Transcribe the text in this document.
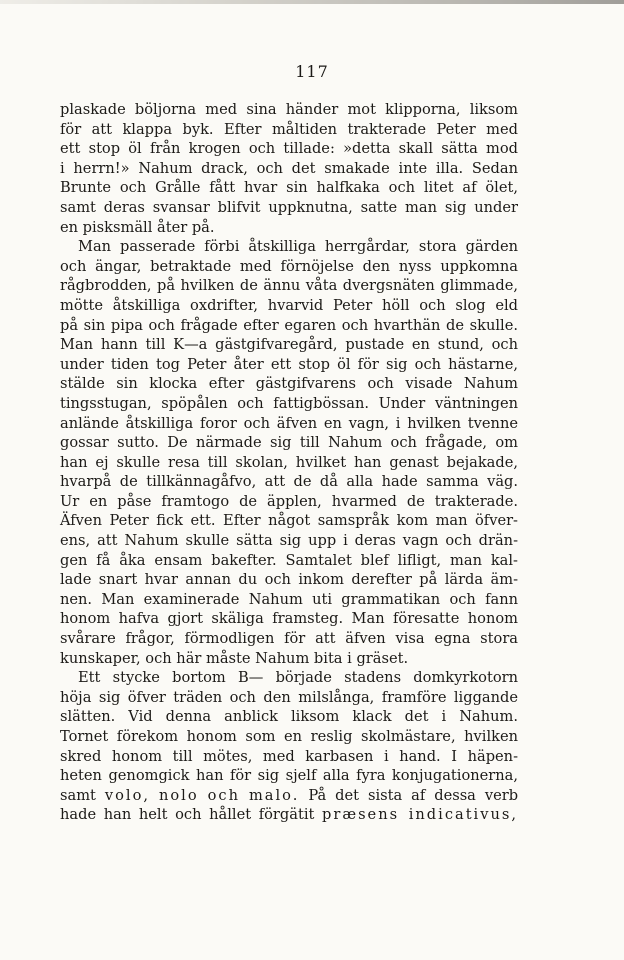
117
plaskade böljorna med sina händer mot klipporna, liksom
för att klappa byk. Efter måltiden trakterade Peter med
ett stop öl från krogen och tillade: »detta skall sätta mod
i herrn!» Nahum drack, och det smakade inte illa. Sedan
Brunte och Grålle fått hvar sin halfkaka och litet af ölet,
samt deras svansar blifvit uppknutna, satte man sig under
en pisksmäll åter på.
Man passerade förbi åtskilliga herrgårdar, stora gärden
och ängar, betraktade med förnöjelse den nyss uppkomna
rågbrodden, på hvilken de ännu våta dvergsnäten glimmade,
mötte åtskilliga oxdrifter, hvarvid Peter höll och slog eld
på sin pipa och frågade efter egaren och hvarthän de skulle.
Man hann till K—a gästgifvaregård, pustade en stund, och
under tiden tog Peter åter ett stop öl för sig och hästarne,
stälde sin klocka efter gästgifvarens och visade Nahum
tingsstugan, spöpålen och fattigbössan. Under väntningen
anlände åtskilliga foror och äfven en vagn, i hvilken tvenne
gossar sutto. De närmade sig till Nahum och frågade, om
han ej skulle resa till skolan, hvilket han genast bejakade,
hvarpå de tillkännagåfvo, att de då alla hade samma väg.
Ur en påse framtogo de äpplen, hvarmed de trakterade.
Äfven Peter fick ett. Efter något samspråk kom man öfver-
ens, att Nahum skulle sätta sig upp i deras vagn och drän-
gen få åka ensam bakefter. Samtalet blef lifligt, man kal-
lade snart hvar annan du och inkom derefter på lärda äm-
nen. Man examinerade Nahum uti grammatikan och fann
honom hafva gjort skäliga framsteg. Man föresatte honom
svårare frågor, förmodligen för att äfven visa egna stora
kunskaper, och här måste Nahum bita i gräset.
Ett stycke bortom B— började stadens domkyrkotorn
höja sig öfver träden och den milslånga, framföre liggande
slätten. Vid denna anblick liksom klack det i Nahum.
Tornet förekom honom som en reslig skolmästare, hvilken
skred honom till mötes, med karbasen i hand. I häpen-
heten genomgick han för sig sjelf alla fyra konjugationerna,
samt volo, nolo och malo. På det sista af dessa verb
hade han helt och hållet förgätit præsens indicativus,
